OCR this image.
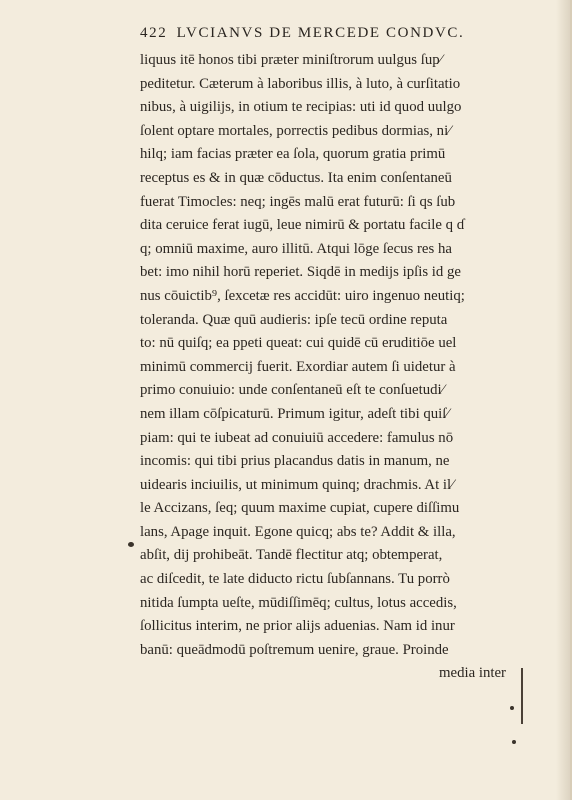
422 LVCIANVS DE MERCEDE CONDVC.
liquus itē honos tibi præter miniſtrorum uulgus ſup⁄
peditetur. Cæterum à laboribus illis, à luto, à curſitatio
nibus, à uigilijs, in otium te recipias: uti id quod uulgo
ſolent optare mortales, porrectis pedibus dormias, ni⁄
hilq; iam facias præter ea ſola, quorum gratia primū
receptus es & in quæ cōductus. Ita enim conſentaneū
fuerat Timocles: neq; ingēs malū erat futurū: ſi qs ſub
dita ceruice ferat iugū, leue nimirū & portatu facile q ɗ
q; omniū maxime, auro illitū. Atqui lōge ſecus res ha
bet: imo nihil horū reperiet. Siqdē in medijs ipſis id ge
nus cōuictib⁹, ſexcetæ res accidūt: uiro ingenuo neutiq;
toleranda. Quæ quū audieris: ipſe tecū ordine reputa
to: nū quiſq; ea ppeti queat: cui quidē cū eruditiōe uel
minimū commercij fuerit. Exordiar autem ſi uidetur à
primo conuiuio: unde conſentaneū eſt te conſuetudi⁄
nem illam cōſpicaturū. Primum igitur, adeſt tibi quiſ⁄
piam: qui te iubeat ad conuiuiū accedere: famulus nō
incomis: qui tibi prius placandus datis in manum, ne
uidearis inciuilis, ut minimum quinq; drachmis. At il⁄
le Accizans, ſeq; quum maxime cupiat, cupere diſſimu
lans, Apage inquit. Egone quicq; abs te? Addit & illa,
abſit, dij prohibeāt. Tandē flectitur atq; obtemperat,
ac diſcedit, te late diducto rictu ſubſannans. Tu porrò
nitida ſumpta ueſte, mūdiſſimēq; cultus, lotus accedis,
ſollicitus interim, ne prior alijs aduenias. Nam id inur
banū: queādmodū poſtremum uenire, graue. Proinde
media inter
